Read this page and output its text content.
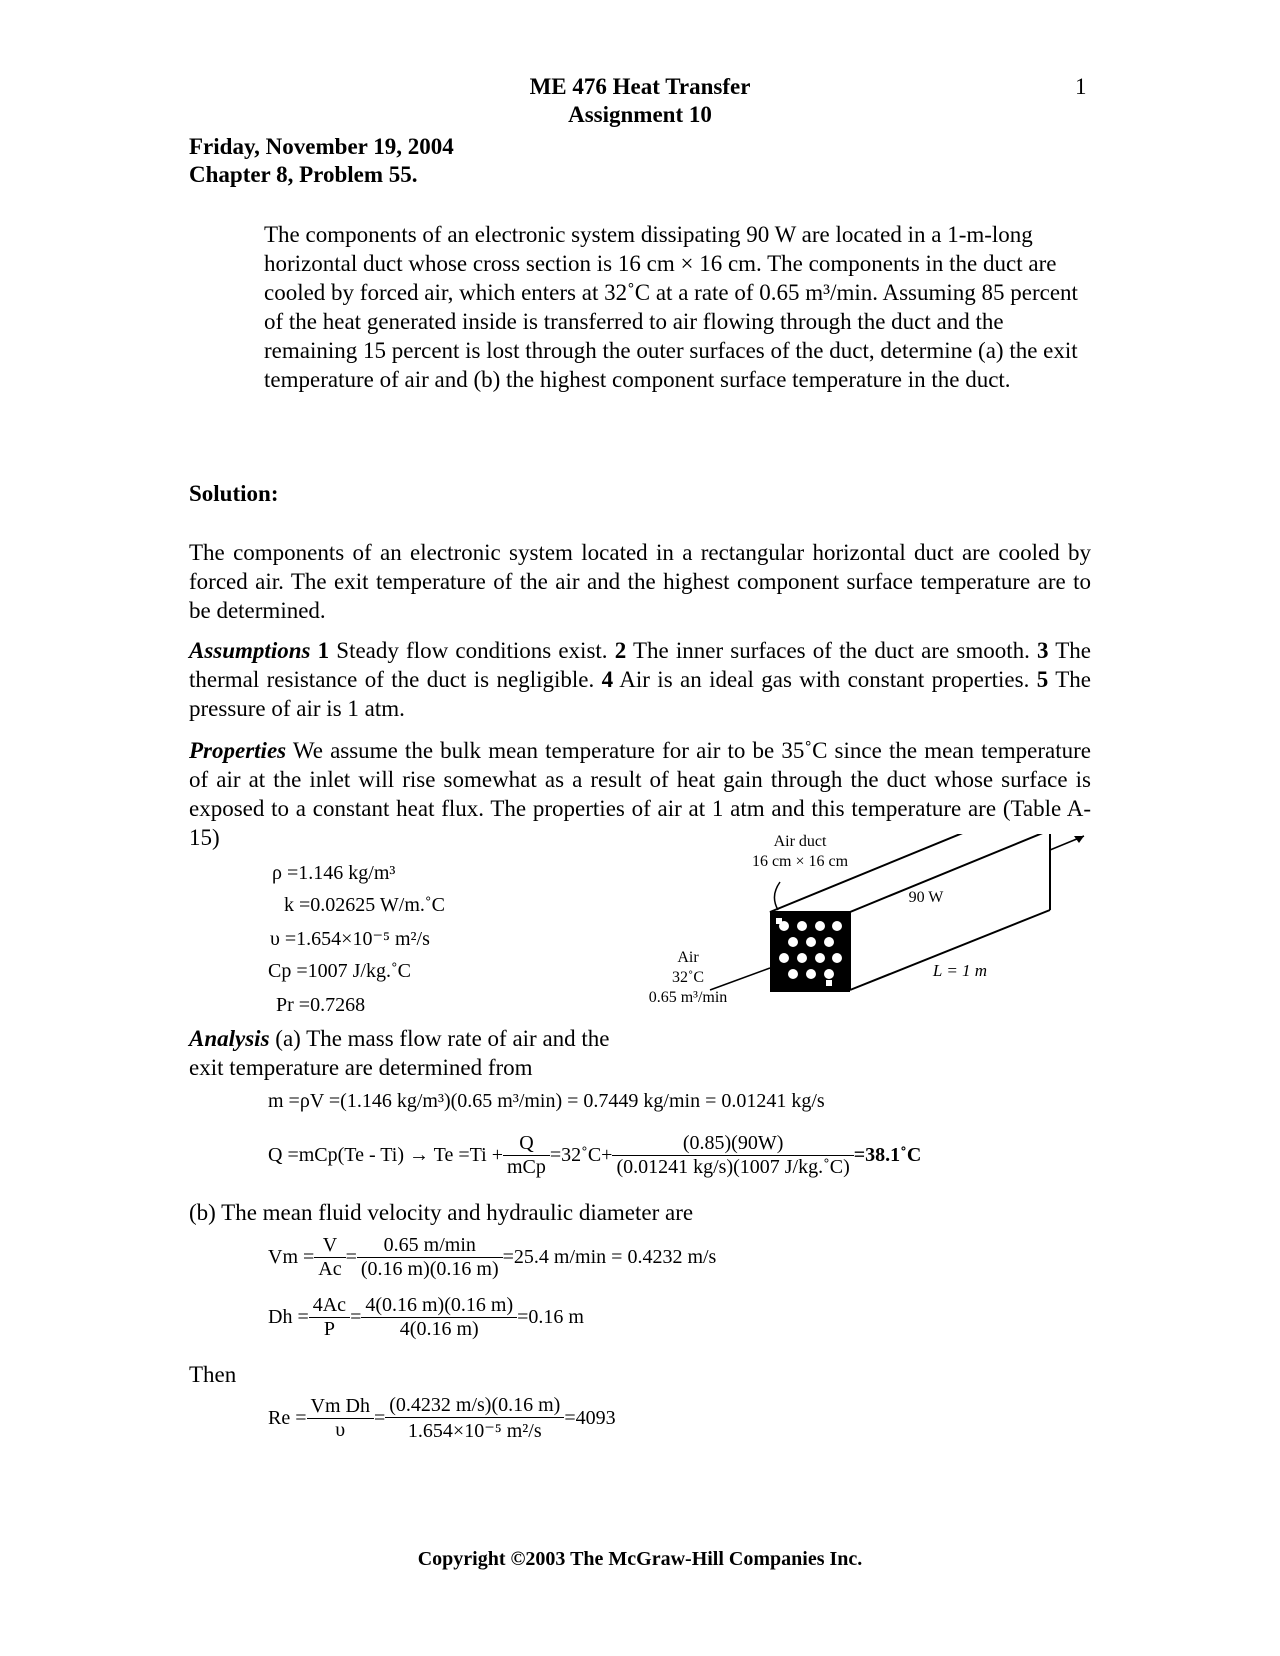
ME 476 Heat Transfer
Assignment 10
1
Friday, November 19, 2004
Chapter 8, Problem 55.
The components of an electronic system dissipating 90 W are located in a 1-m-long horizontal duct whose cross section is 16 cm × 16 cm. The components in the duct are cooled by forced air, which enters at 32˚C at a rate of 0.65 m³/min. Assuming 85 percent of the heat generated inside is transferred to air flowing through the duct and the remaining 15 percent is lost through the outer surfaces of the duct, determine (a) the exit temperature of air and (b) the highest component surface temperature in the duct.
Solution:
The components of an electronic system located in a rectangular horizontal duct are cooled by forced air. The exit temperature of the air and the highest component surface temperature are to be determined.
Assumptions 1 Steady flow conditions exist. 2 The inner surfaces of the duct are smooth. 3 The thermal resistance of the duct is negligible. 4 Air is an ideal gas with constant properties. 5 The pressure of air is 1 atm.
Properties We assume the bulk mean temperature for air to be 35˚C since the mean temperature of air at the inlet will rise somewhat as a result of heat gain through the duct whose surface is exposed to a constant heat flux. The properties of air at 1 atm and this temperature are (Table A-15)
ρ =1.146 kg/m³
k =0.02625 W/m.˚C
υ =1.654×10⁻⁵ m²/s
Cp =1007 J/kg.˚C
Pr =0.7268
Air duct
16 cm × 16 cm
90 W
L = 1 m
Air
32˚C
0.65 m³/min
Analysis (a) The mass flow rate of air and the exit temperature are determined from
m =ρV =(1.146 kg/m³)(0.65 m³/min) = 0.7449 kg/min = 0.01241 kg/s
$Q =mCp(Te - Ti) \to Te =Ti + \frac{Q}{\text{mCp}}$ =32˚C+ $\frac{(0.85)(90W)}{(0.01241 kg/s)(1007 J/kg.˚C)}$ =38.1˚C
(b) The mean fluid velocity and hydraulic diameter are
$Vm = \frac{V}{Ac} = \frac{0.65 m/\min}{(0.16 m)(0.16 m)} =25.4$ m/min = 0.4232 m/s
$Dh = \frac{4Ac}{P} = \frac{4(0.16 m)(0.16 m)}{4(0.16 m)} =0.16$ m
Then
$Re = \frac{\text{Vm Dh}}{\upsilon} = \frac{(0.4232 m/s)(0.16 m)}{\text{1.654×10⁻⁵ m²/s}} =4093$
Copyright ©2003 The McGraw-Hill Companies Inc.
